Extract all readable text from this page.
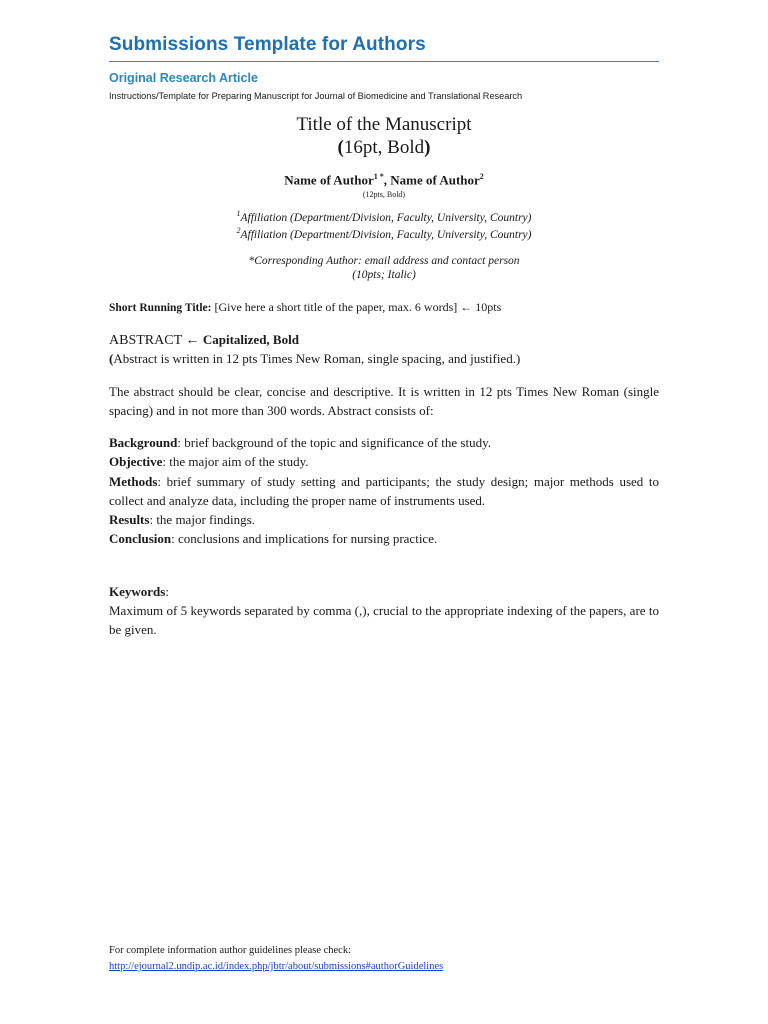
Submissions Template for Authors
Original Research Article
Instructions/Template for Preparing Manuscript for Journal of Biomedicine and Translational Research
Title of the Manuscript
(16pt, Bold)
Name of Author$^{1 *}$, Name of Author$^2$
(12pts, Bold)
$^1$Affiliation (Department/Division, Faculty, University, Country)
$^2$Affiliation (Department/Division, Faculty, University, Country)
*Corresponding Author: email address and contact person
(10pts; Italic)
Short Running Title: [Give here a short title of the paper, max. 6 words] ← 10pts
ABSTRACT ← Capitalized, Bold
(Abstract is written in 12 pts Times New Roman, single spacing, and justified.)
The abstract should be clear, concise and descriptive. It is written in 12 pts Times New Roman (single spacing) and in not more than 300 words. Abstract consists of:

Background: brief background of the topic and significance of the study.

Objective: the major aim of the study.

Methods: brief summary of study setting and participants; the study design; major methods used to collect and analyze data, including the proper name of instruments used.

Results: the major findings.

Conclusion: conclusions and implications for nursing practice.

Keywords:
Maximum of 5 keywords separated by comma (,), crucial to the appropriate indexing of the papers, are to be given.
For complete information author guidelines please check:
http://ejournal2.undip.ac.id/index.php/jbtr/about/submissions#authorGuidelines
